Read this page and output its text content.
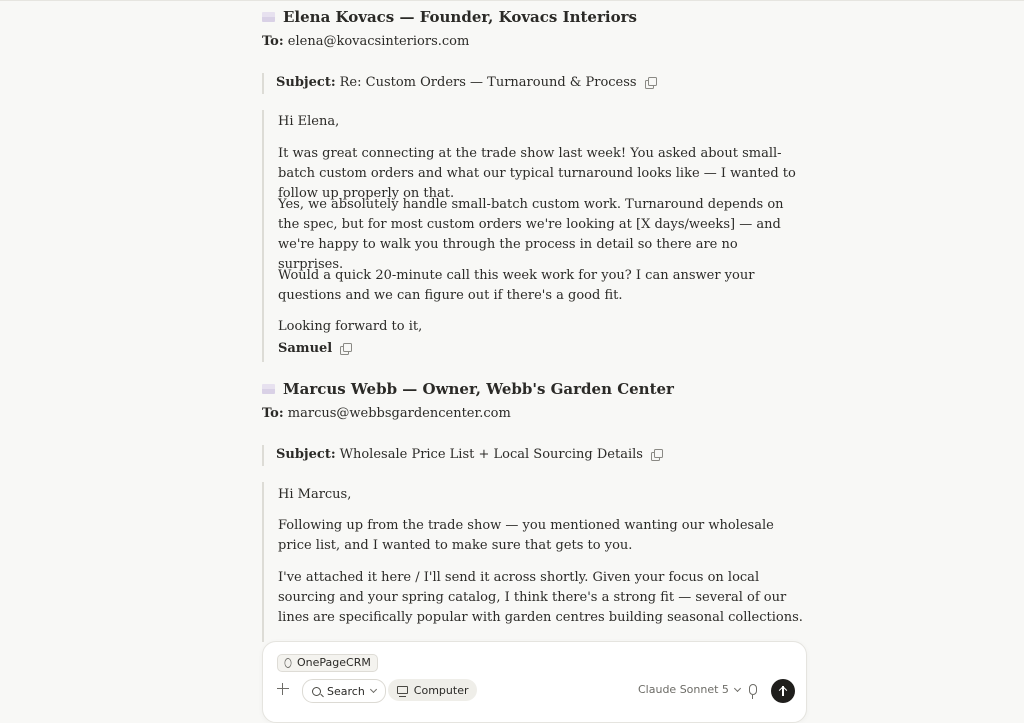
Elena Kovacs — Founder, Kovacs Interiors
To: elena@kovacsinteriors.com
Subject: Re: Custom Orders — Turnaround & Process

Hi Elena,

It was great connecting at the trade show last week! You asked about small-batch custom orders and what our typical turnaround looks like — I wanted to follow up properly on that.

Yes, we absolutely handle small-batch custom work. Turnaround depends on the spec, but for most custom orders we're looking at [X days/weeks] — and we're happy to walk you through the process in detail so there are no surprises.

Would a quick 20-minute call this week work for you? I can answer your questions and we can figure out if there's a good fit.

Looking forward to it,

Samuel
Marcus Webb — Owner, Webb's Garden Center
To: marcus@webbsgardencenter.com
Subject: Wholesale Price List + Local Sourcing Details

Hi Marcus,

Following up from the trade show — you mentioned wanting our wholesale price list, and I wanted to make sure that gets to you.

I've attached it here / I'll send it across shortly. Given your focus on local sourcing and your spring catalog, I think there's a strong fit — several of our lines are specifically popular with garden centres building seasonal collections.

OnePageCRM
Search	Computer	Claude Sonnet 5
